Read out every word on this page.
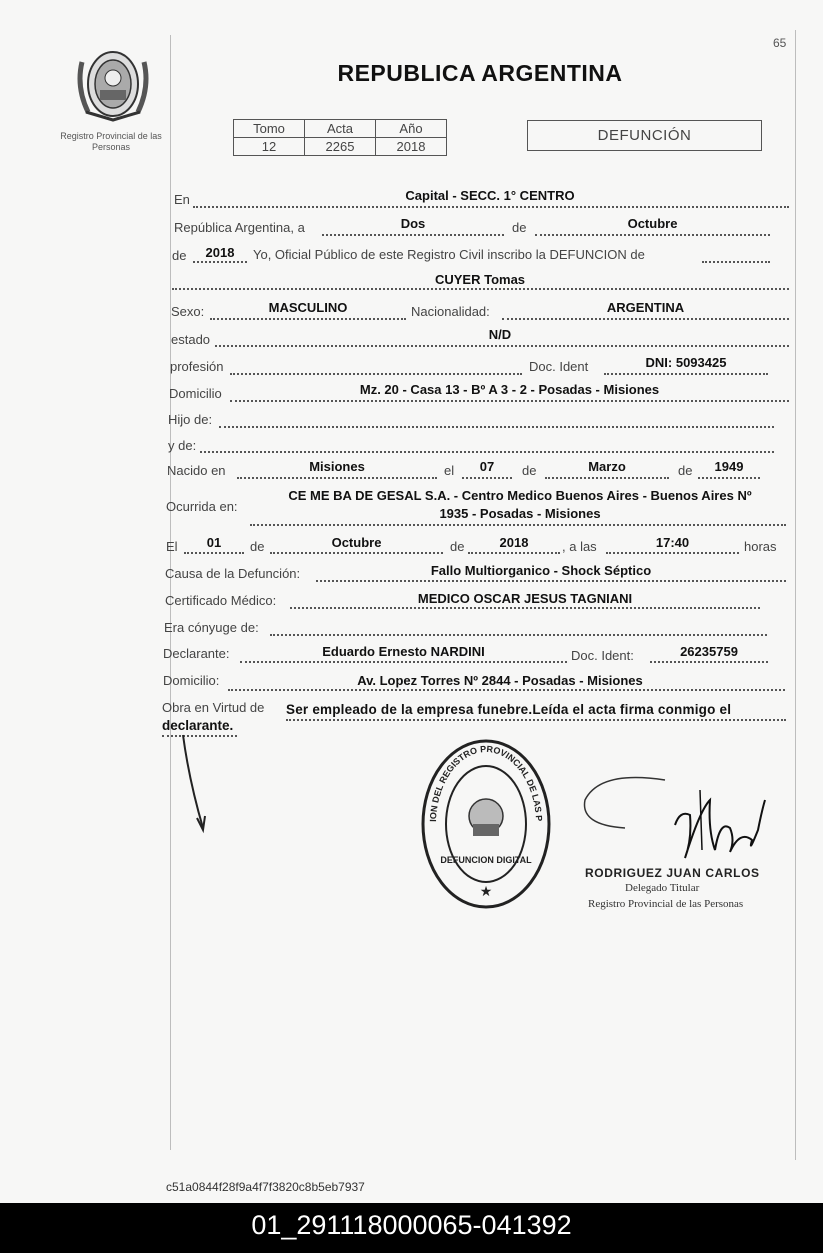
65
Registro Provincial de las Personas
REPUBLICA ARGENTINA
Tomo	Acta	Año
12	2265	2018
DEFUNCIÓN
En	Capital - SECC. 1° CENTRO
República Argentina, a	Dos	de	Octubre
de	2018	Yo, Oficial Público de este Registro Civil inscribo la DEFUNCION de
CUYER Tomas
Sexo:	MASCULINO	Nacionalidad:	ARGENTINA
estado	N/D
profesión	Doc. Ident	DNI: 5093425
Domicilio	Mz. 20 - Casa 13 - Bº A 3 - 2 - Posadas - Misiones
Hijo de:
y de:
Nacido en	Misiones	el	07	de	Marzo	de	1949
Ocurrida en:
CE ME BA DE GESAL S.A. - Centro Medico Buenos Aires - Buenos Aires Nº
1935 - Posadas - Misiones
El	01	de	Octubre	de	2018	, a las	17:40	horas
Causa de la Defunción:	Fallo Multiorganico - Shock Séptico
Certificado Médico:	MEDICO OSCAR JESUS TAGNIANI
Era cónyuge de:
Declarante:	Eduardo Ernesto NARDINI	Doc. Ident:	26235759
Domicilio:	Av. Lopez Torres Nº 2844 - Posadas - Misiones
Obra en Virtud de Ser empleado de la empresa funebre.Leída el acta firma conmigo el
declarante.
ION DEL REGISTRO PROVINCIAL DE LAS P
DEFUNCION DIGITAL
★
RODRIGUEZ JUAN CARLOS
Delegado Titular
Registro Provincial de las Personas
c51a0844f28f9a4f7f3820c8b5eb7937
01_291118000065-041392
